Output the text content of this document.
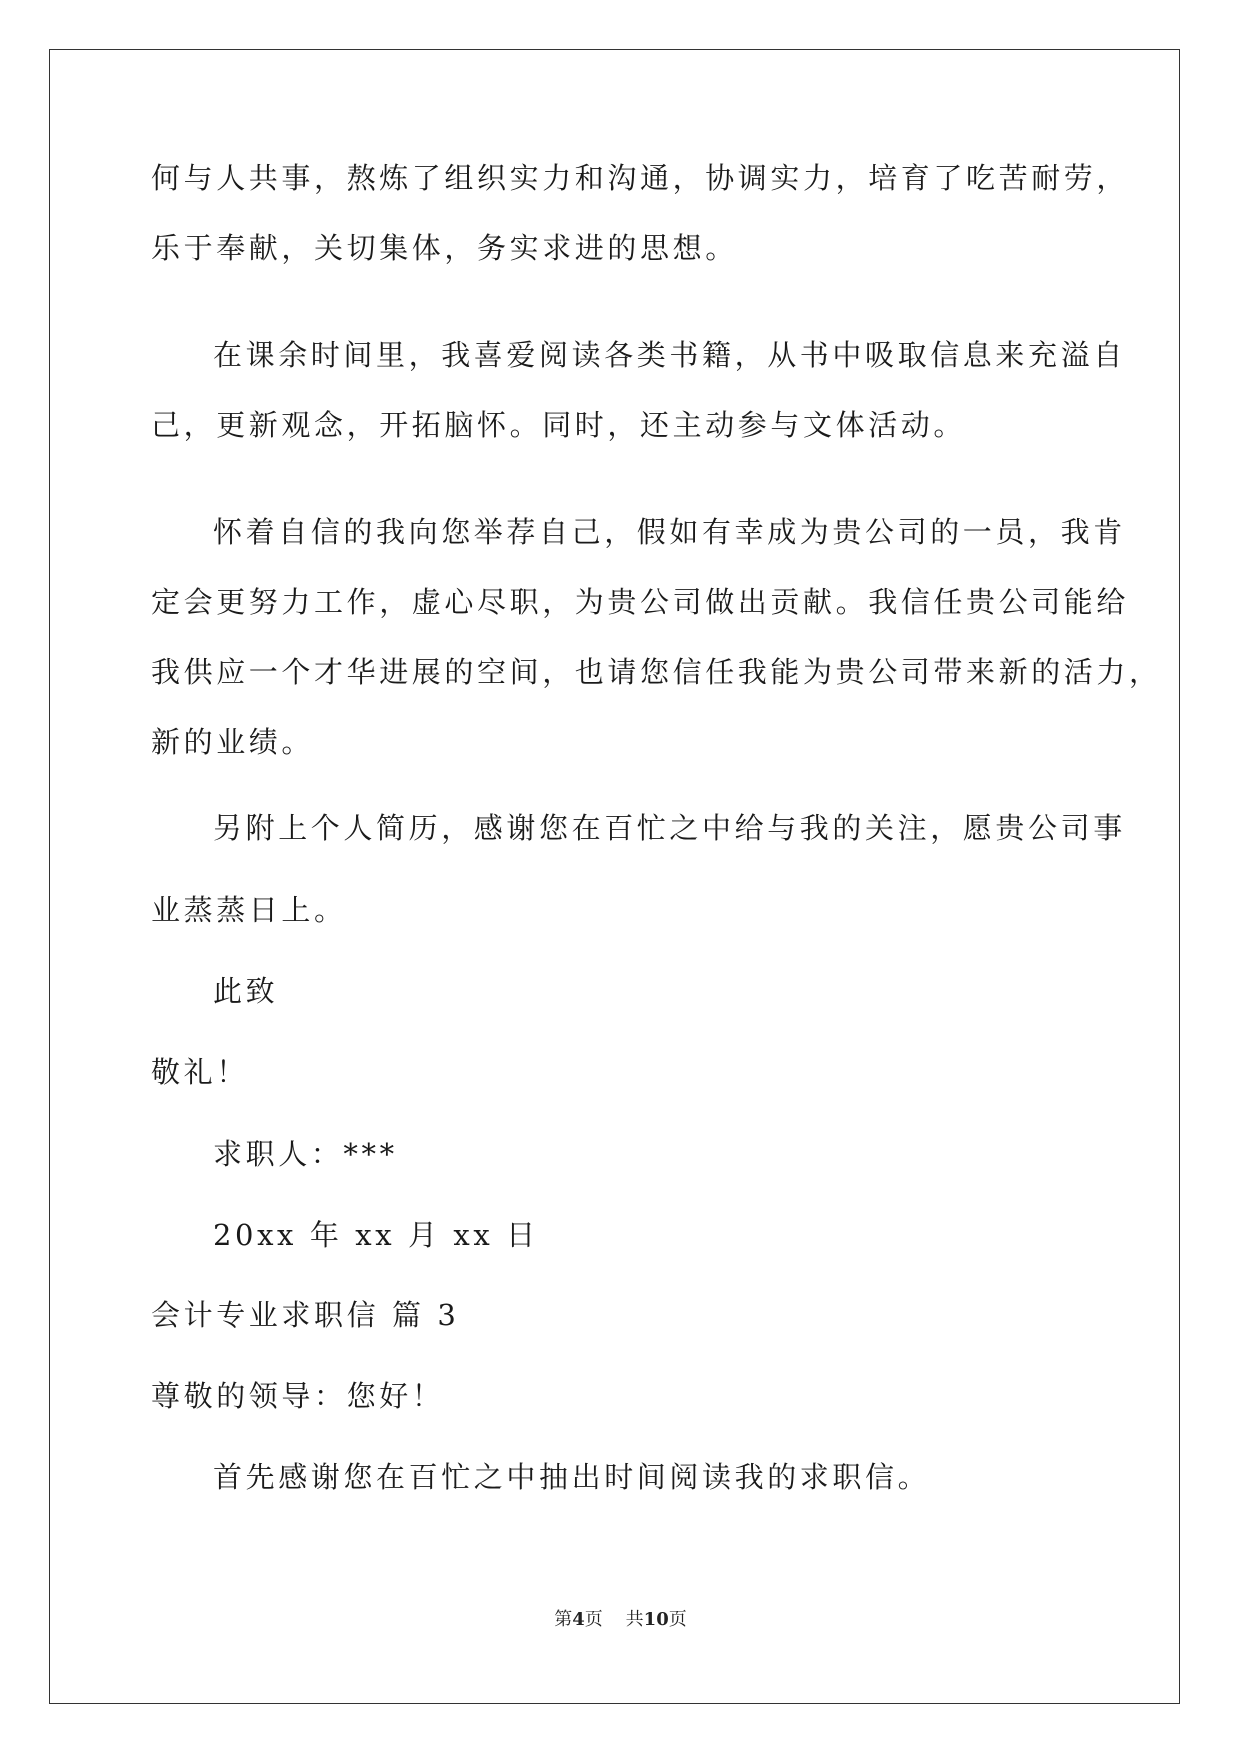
何与人共事，熬炼了组织实力和沟通，协调实力，培育了吃苦耐劳，
乐于奉献，关切集体，务实求进的思想。
在课余时间里，我喜爱阅读各类书籍，从书中吸取信息来充溢自
己，更新观念，开拓脑怀。同时，还主动参与文体活动。
怀着自信的我向您举荐自己，假如有幸成为贵公司的一员，我肯
定会更努力工作，虚心尽职，为贵公司做出贡献。我信任贵公司能给
我供应一个才华进展的空间，也请您信任我能为贵公司带来新的活力，
新的业绩。
另附上个人简历，感谢您在百忙之中给与我的关注，愿贵公司事
业蒸蒸日上。
此致
敬礼！
求职人：***
20xx 年 xx 月 xx 日
会计专业求职信 篇 3
尊敬的领导：您好！
首先感谢您在百忙之中抽出时间阅读我的求职信。
第4页 共10页
